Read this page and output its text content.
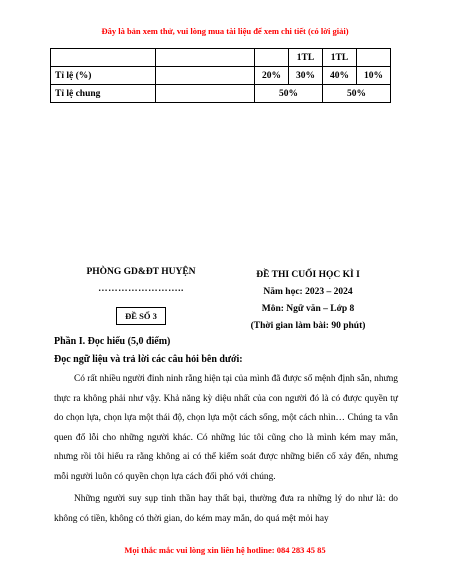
Đây là bản xem thử, vui lòng mua tài liệu để xem chi tiết (có lời giải)
			1TL	1TL	
Tỉ lệ (%)		20%	30%	40%	10%
Tỉ lệ chung		50%		50%	
PHÒNG GD&ĐT HUYỆN
……………………..
ĐỀ SỐ 3
ĐỀ THI CUỐI HỌC KÌ I
Năm học: 2023 – 2024
Môn: Ngữ văn – Lớp 8
(Thời gian làm bài: 90 phút)
Phần I. Đọc hiểu (5,0 điểm)
Đọc ngữ liệu và trả lời các câu hỏi bên dưới:

Có rất nhiều người đinh ninh rằng hiện tại của mình đã được số mệnh định sẵn, nhưng thực ra không phải như vậy. Khả năng kỳ diệu nhất của con người đó là có được quyền tự do chọn lựa, chọn lựa một thái độ, chọn lựa một cách sống, một cách nhìn… Chúng ta vẫn quen đổ lỗi cho những người khác. Có những lúc tôi cũng cho là mình kém may mắn, nhưng rồi tôi hiểu ra rằng không ai có thể kiểm soát được những biến cố xảy đến, nhưng mỗi người luôn có quyền chọn lựa cách đối phó với chúng.

Những người suy sụp tinh thần hay thất bại, thường đưa ra những lý do như là: do không có tiền, không có thời gian, do kém may mắn, do quá mệt mỏi hay

Mọi thắc mắc vui lòng xin liên hệ hotline: 084 283 45 85
